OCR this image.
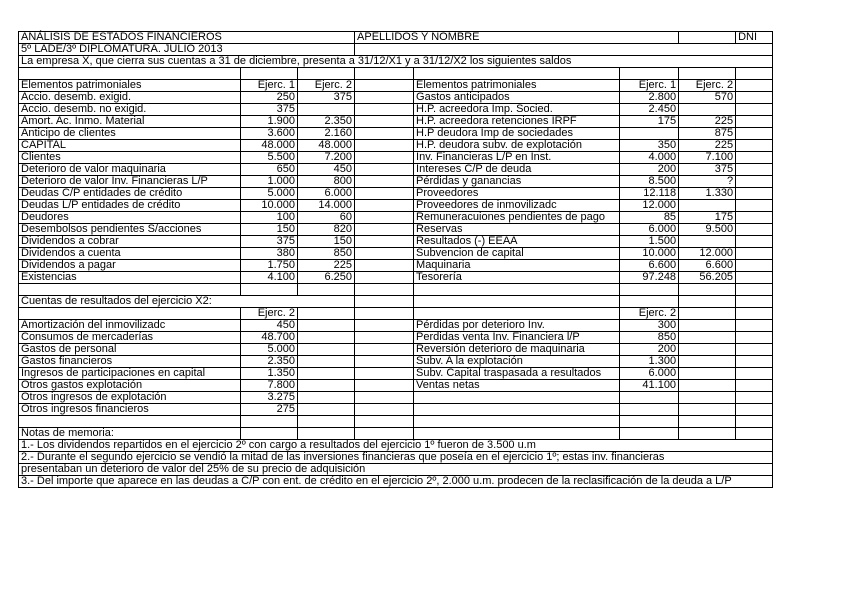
ANÁLISIS DE ESTADOS FINANCIEROS			APELLIDOS Y NOMBRE				DNI
5º LADE/3º DIPLOMATURA. JULIO 2013							
La empresa X, que cierra sus cuentas a 31 de diciembre, presenta a 31/12/X1 y a 31/12/X2 los siguientes saldos							

Elementos patrimoniales	Ejerc. 1	Ejerc. 2		Elementos patrimoniales	Ejerc. 1	Ejerc. 2	
Accio. desemb. exigid.	250	375		Gastos anticipados	2.800	570	
Accio. desemb. no exigid.	375			H.P. acreedora Imp. Socied.	2.450		
Amort. Ac. Inmo. Material	1.900	2.350		H.P. acreedora retenciones IRPF	175	225	
Anticipo de clientes	3.600	2.160		H.P deudora Imp de sociedades		875	
CAPITAL	48.000	48.000		H.P. deudora subv. de explotación	350	225	
Clientes	5.500	7.200		Inv. Financieras L/P en Inst.	4.000	7.100	
Deterioro de valor maquinaria	650	450		Intereses C/P de deuda	200	375	
Deterioro de valor Inv. Financieras L/P	1.000	800		Pérdidas y ganancias	8.500	?	
Deudas C/P entidades de crédito	5.000	6.000		Proveedores	12.118	1.330	
Deudas L/P entidades de crédito	10.000	14.000		Proveedores de inmovilizadc	12.000		
Deudores	100	60		Remuneracuiones pendientes de pago	85	175	
Desembolsos pendientes S/acciones	150	820		Reservas	6.000	9.500	
Dividendos a cobrar	375	150		Resultados (-) EEAA	1.500		
Dividendos a cuenta	380	850		Subvencion de capital	10.000	12.000	
Dividendos a pagar	1.750	225		Maquinaria	6.600	6.600	
Existencias	4.100	6.250		Tesorería	97.248	56.205	

Cuentas de resultados del ejercicio X2:							
	Ejerc. 2				Ejerc. 2		
Amortización del inmovilizadc	450			Pérdidas por deterioro Inv.	300		
Consumos de mercaderías	48.700			Perdidas venta Inv. Financiera l/P	850		
Gastos de personal	5.000			Reversión deterioro de maquinaria	200		
Gastos financieros	2.350			Subv. A la explotación	1.300		
Ingresos de participaciones en capital	1.350			Subv. Capital traspasada a resultados	6.000		
Otros gastos explotación	7.800			Ventas netas	41.100		
Otros ingresos de explotación	3.275						
Otros ingresos financieros	275						

Notas de memoria:							
1.- Los dividendos repartidos en el ejercicio 2º con cargo a resultados del ejercicio 1º fueron de 3.500 u.m							
2.- Durante el segundo ejercicio se vendió la mitad de las inversiones financieras que poseía en el ejercicio 1º; estas inv. financieras							
presentaban un deterioro de valor del 25% de su precio de adquisición							
3.- Del importe que aparece en las deudas a C/P con ent. de crédito en el ejercicio 2º, 2.000 u.m. prodecen de la reclasificación de la deuda a L/P							
